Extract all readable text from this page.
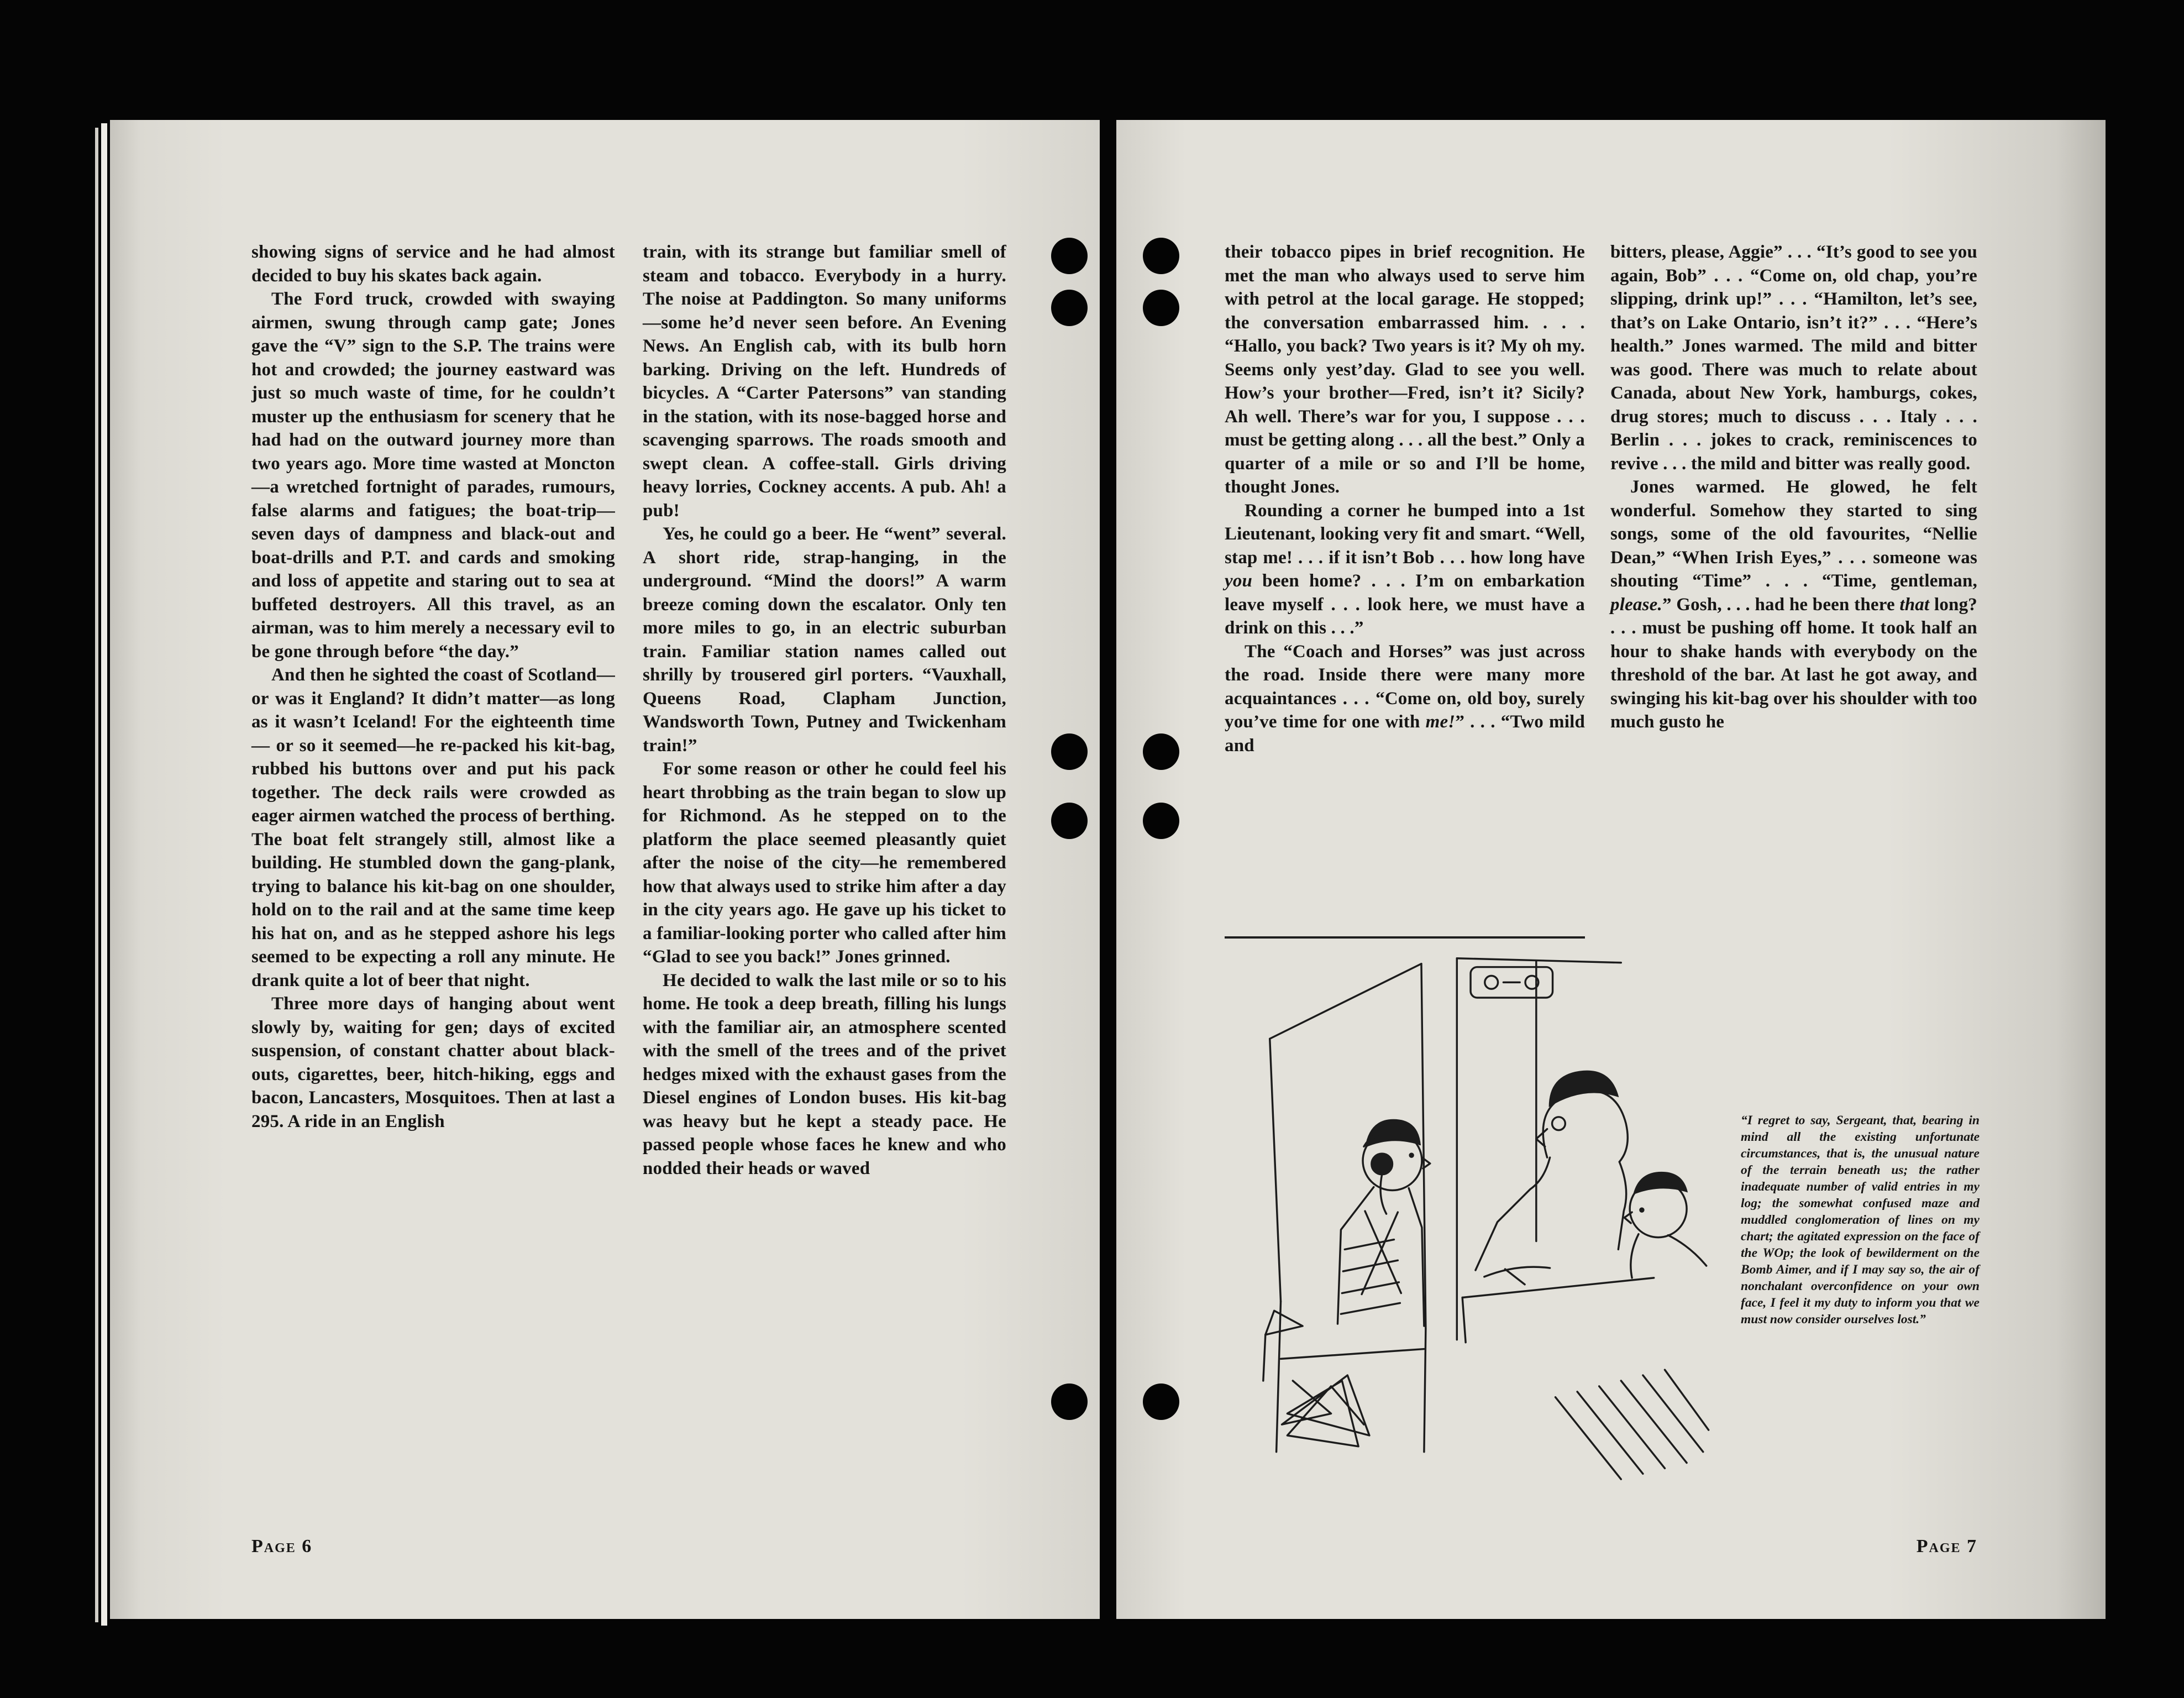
showing signs of service and he had almost decided to buy his skates back again.

The Ford truck, crowded with swaying airmen, swung through camp gate; Jones gave the “V” sign to the S.P. The trains were hot and crowded; the journey eastward was just so much waste of time, for he couldn’t muster up the enthusiasm for scenery that he had had on the outward journey more than two years ago. More time wasted at Moncton —a wretched fortnight of parades, rumours, false alarms and fatigues; the boat-trip—seven days of dampness and black-out and boat-drills and P.T. and cards and smoking and loss of appetite and staring out to sea at buffeted destroyers. All this travel, as an airman, was to him merely a necessary evil to be gone through before “the day.”

And then he sighted the coast of Scotland—or was it England? It didn’t matter—as long as it wasn’t Iceland! For the eighteenth time— or so it seemed—he re-packed his kit-bag, rubbed his buttons over and put his pack together. The deck rails were crowded as eager airmen watched the process of berthing. The boat felt strangely still, almost like a building. He stumbled down the gang-plank, trying to balance his kit-bag on one shoulder, hold on to the rail and at the same time keep his hat on, and as he stepped ashore his legs seemed to be expecting a roll any minute. He drank quite a lot of beer that night.

Three more days of hanging about went slowly by, waiting for gen; days of excited suspension, of constant chatter about black-outs, cigarettes, beer, hitch-hiking, eggs and bacon, Lancasters, Mosquitoes. Then at last a 295. A ride in an English

train, with its strange but familiar smell of steam and tobacco. Everybody in a hurry. The noise at Paddington. So many uniforms—some he’d never seen before. An Evening News. An English cab, with its bulb horn barking. Driving on the left. Hundreds of bicycles. A “Carter Patersons” van standing in the station, with its nose-bagged horse and scavenging sparrows. The roads smooth and swept clean. A coffee-stall. Girls driving heavy lorries, Cockney accents. A pub. Ah! a pub!

Yes, he could go a beer. He “went” several. A short ride, strap-hanging, in the underground. “Mind the doors!” A warm breeze coming down the escalator. Only ten more miles to go, in an electric suburban train. Familiar station names called out shrilly by trousered girl porters. “Vauxhall, Queens Road, Clapham Junction, Wandsworth Town, Putney and Twickenham train!”

For some reason or other he could feel his heart throbbing as the train began to slow up for Richmond. As he stepped on to the platform the place seemed pleasantly quiet after the noise of the city—he remembered how that always used to strike him after a day in the city years ago. He gave up his ticket to a familiar-looking porter who called after him “Glad to see you back!” Jones grinned.

He decided to walk the last mile or so to his home. He took a deep breath, filling his lungs with the familiar air, an atmosphere scented with the smell of the trees and of the privet hedges mixed with the exhaust gases from the Diesel engines of London buses. His kit-bag was heavy but he kept a steady pace. He passed people whose faces he knew and who nodded their heads or waved

Page 6

their tobacco pipes in brief recognition. He met the man who always used to serve him with petrol at the local garage. He stopped; the conversation embarrassed him. . . . “Hallo, you back? Two years is it? My oh my. Seems only yest’day. Glad to see you well. How’s your brother—Fred, isn’t it? Sicily? Ah well. There’s war for you, I suppose . . . must be getting along . . . all the best.” Only a quarter of a mile or so and I’ll be home, thought Jones.

Rounding a corner he bumped into a 1st Lieutenant, looking very fit and smart. “Well, stap me! . . . if it isn’t Bob . . . how long have you been home? . . . I’m on embarkation leave myself . . . look here, we must have a drink on this . . .”

The “Coach and Horses” was just across the road. Inside there were many more acquaintances . . . “Come on, old boy, surely you’ve time for one with me!” . . . “Two mild and

bitters, please, Aggie” . . . “It’s good to see you again, Bob” . . . “Come on, old chap, you’re slipping, drink up!” . . . “Hamilton, let’s see, that’s on Lake Ontario, isn’t it?” . . . “Here’s health.” Jones warmed. The mild and bitter was good. There was much to relate about Canada, about New York, hamburgs, cokes, drug stores; much to discuss . . . Italy . . . Berlin . . . jokes to crack, reminiscences to revive . . . the mild and bitter was really good.

Jones warmed. He glowed, he felt wonderful. Somehow they started to sing songs, some of the old favourites, “Nellie Dean,” “When Irish Eyes,” . . . someone was shouting “Time” . . . “Time, gentleman, please.” Gosh, . . . had he been there that long? . . . must be pushing off home. It took half an hour to shake hands with everybody on the threshold of the bar. At last he got away, and swinging his kit-bag over his shoulder with too much gusto he

“I regret to say, Sergeant, that, bearing in mind all the existing unfortunate circumstances, that is, the unusual nature of the terrain beneath us; the rather inadequate number of valid entries in my log; the somewhat confused maze and muddled conglomeration of lines on my chart; the agitated expression on the face of the WOp; the look of bewilderment on the Bomb Aimer, and if I may say so, the air of nonchalant overconfidence on your own face, I feel it my duty to inform you that we must now consider ourselves lost.”
Page 7
